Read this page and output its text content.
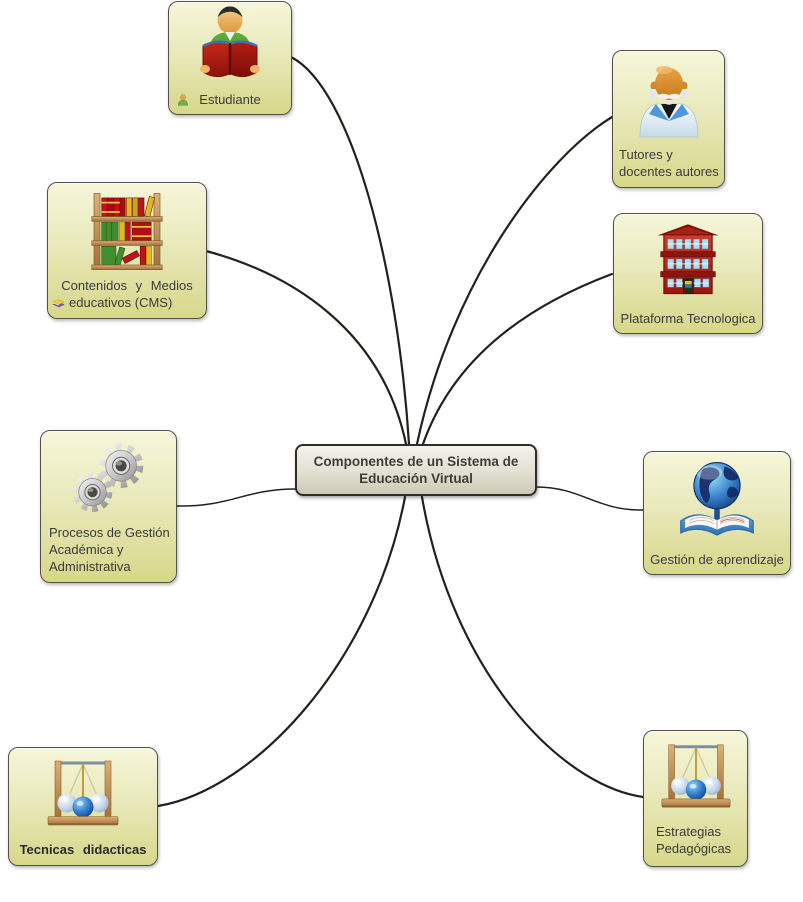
Componentes de un Sistema de
Educación Virtual
Estudiante
Tutores y
docentes autores
Contenidos y Medios
educativos (CMS)
Plataforma Tecnologica
Procesos de Gestión
Académica y
Administrativa	Gestión de aprendizaje
Tecnicas didacticas
Estrategias
Pedagógicas
